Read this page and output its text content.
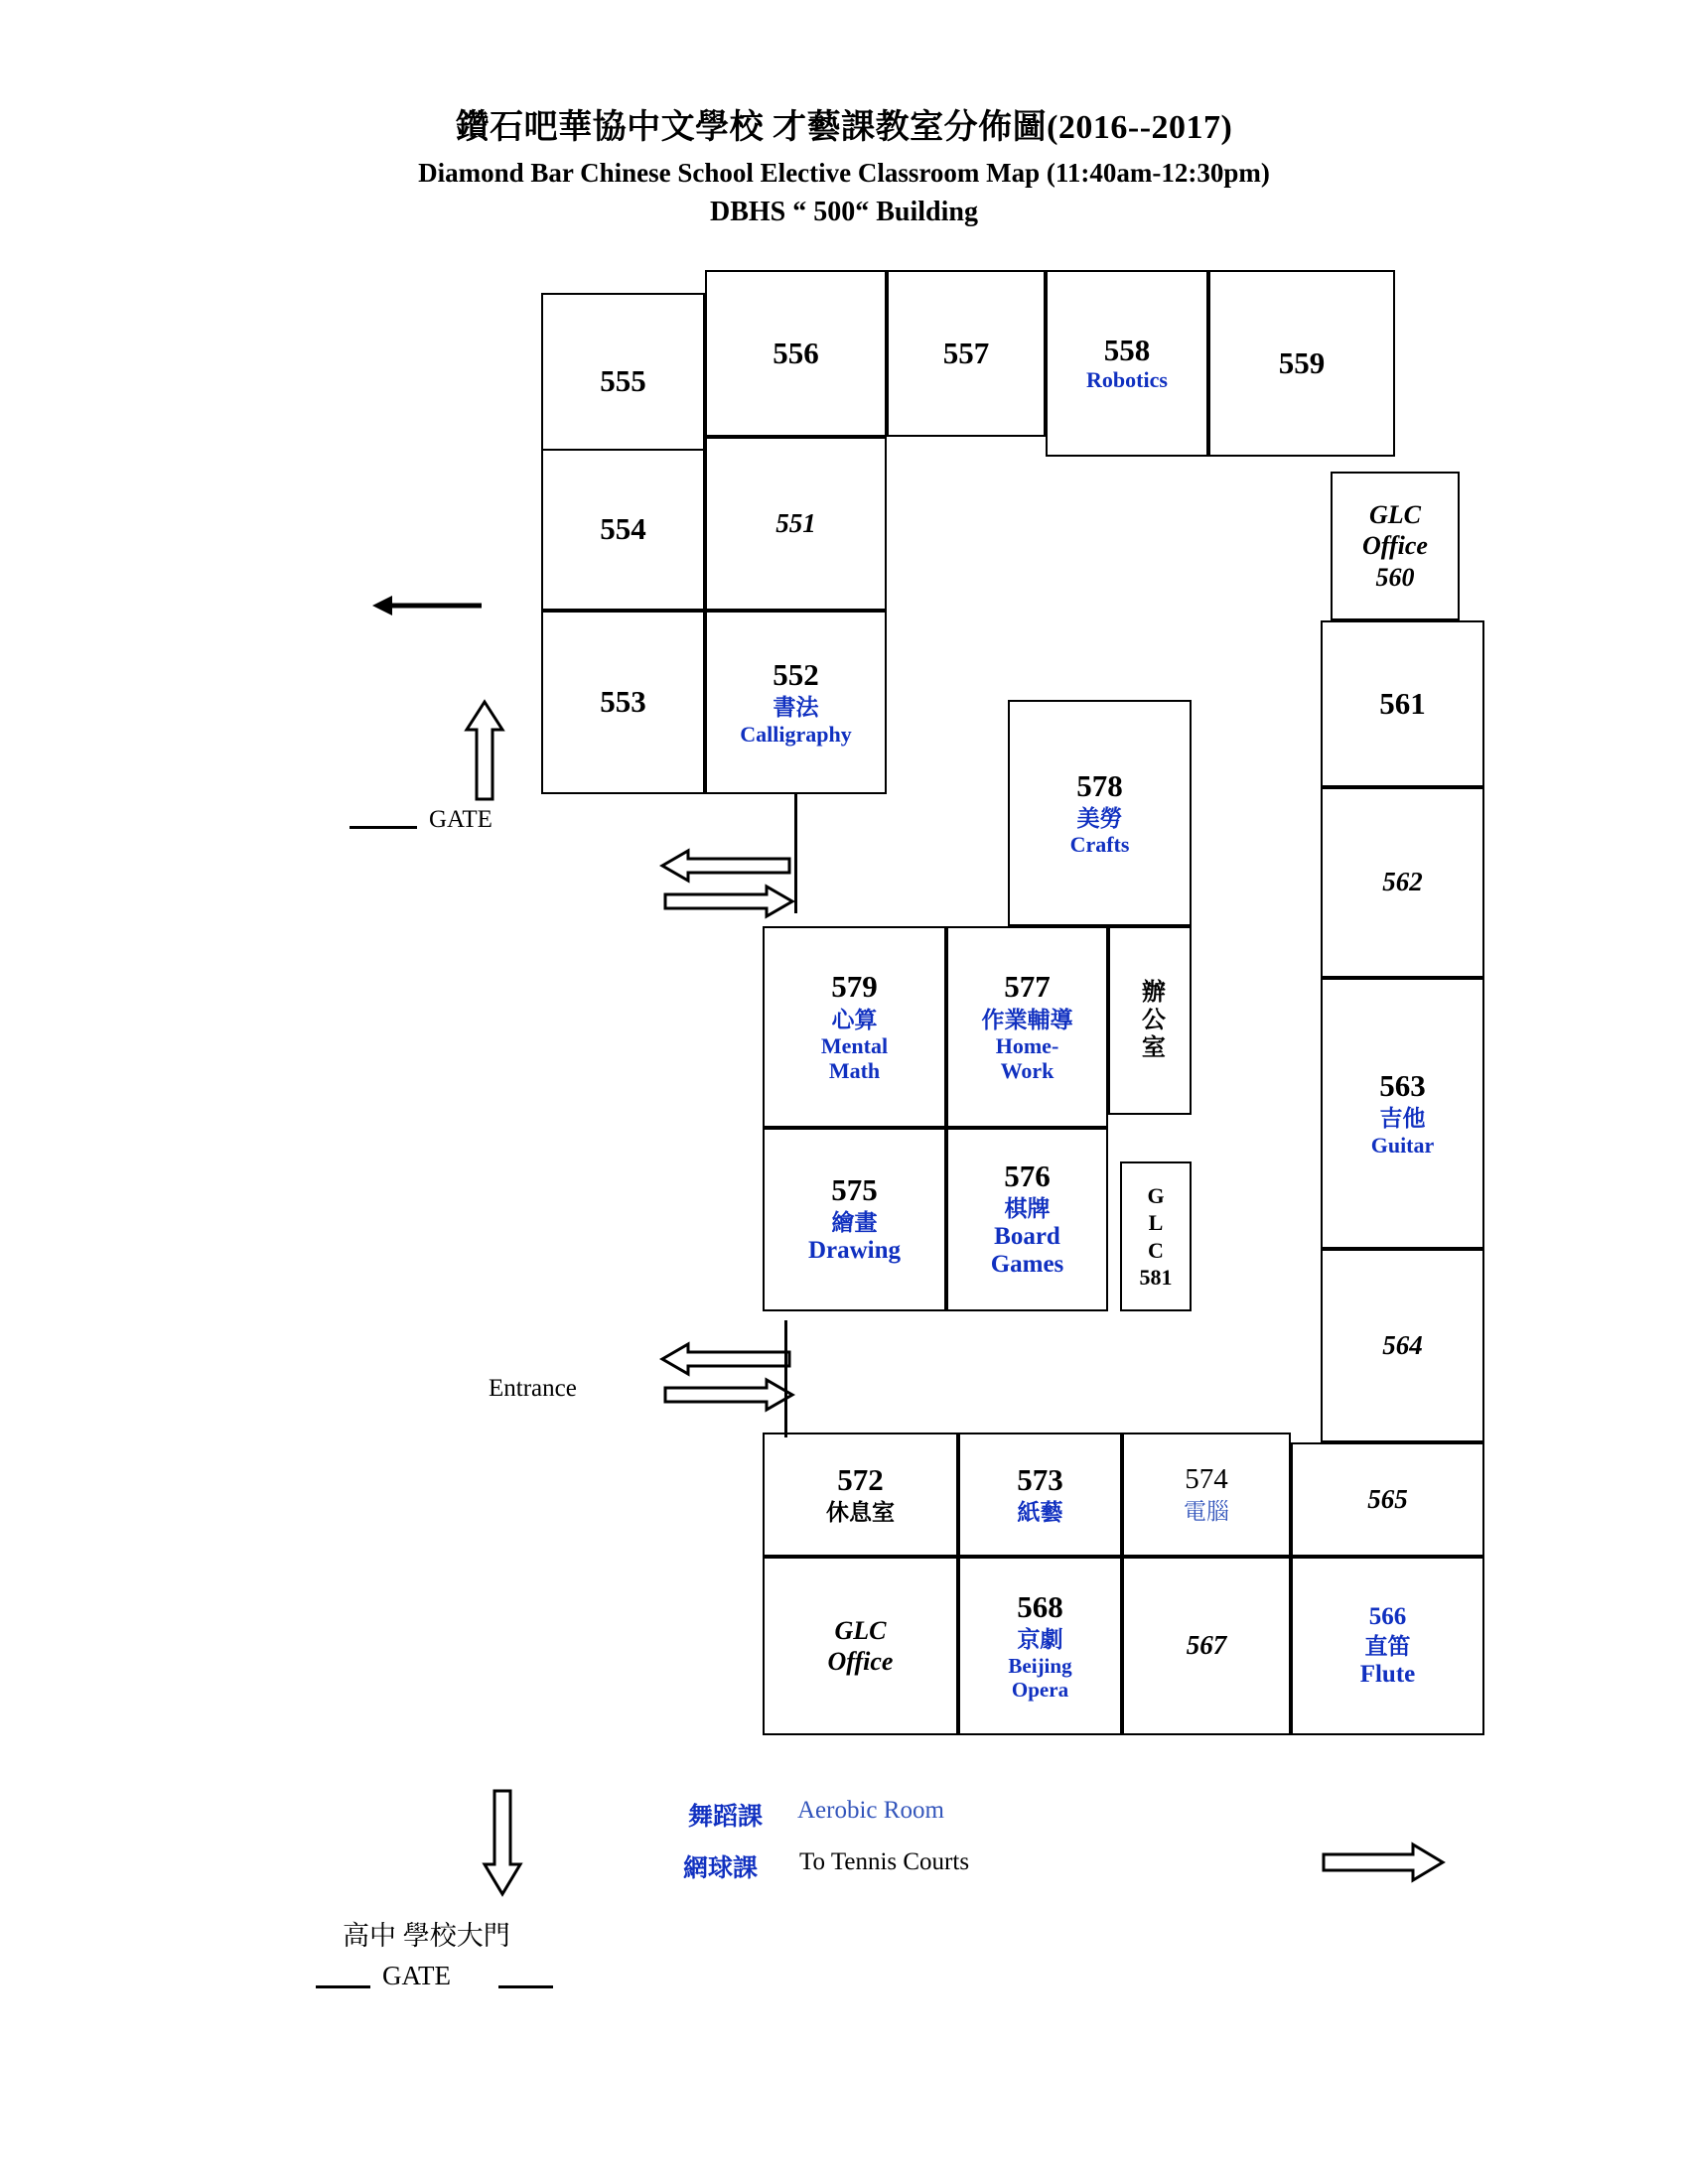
鑽石吧華協中文學校 才藝課教室分佈圖(2016--2017)
Diamond Bar Chinese School Elective Classroom Map (11:40am-12:30pm)
DBHS “ 500“ Building
555
556	557	558
Robotics	559
554	551
553
552
書法
Calligraphy
GLC
Office
560
561
562
563
吉他
Guitar
564
565
566
直笛
Flute
578
美勞
Crafts
579
心算
Mental
Math
577
作業輔導
Home-
Work
辦公室
575
繪畫
Drawing
576
棋牌
Board
Games
G
L
C
581
572
休息室
GLC
Office
573
紙藝
568
京劇
Beijing
Opera
574
電腦
567
GATE
Entrance
舞蹈課 Aerobic Room
網球課 To Tennis Courts
高中 學校大門
GATE
